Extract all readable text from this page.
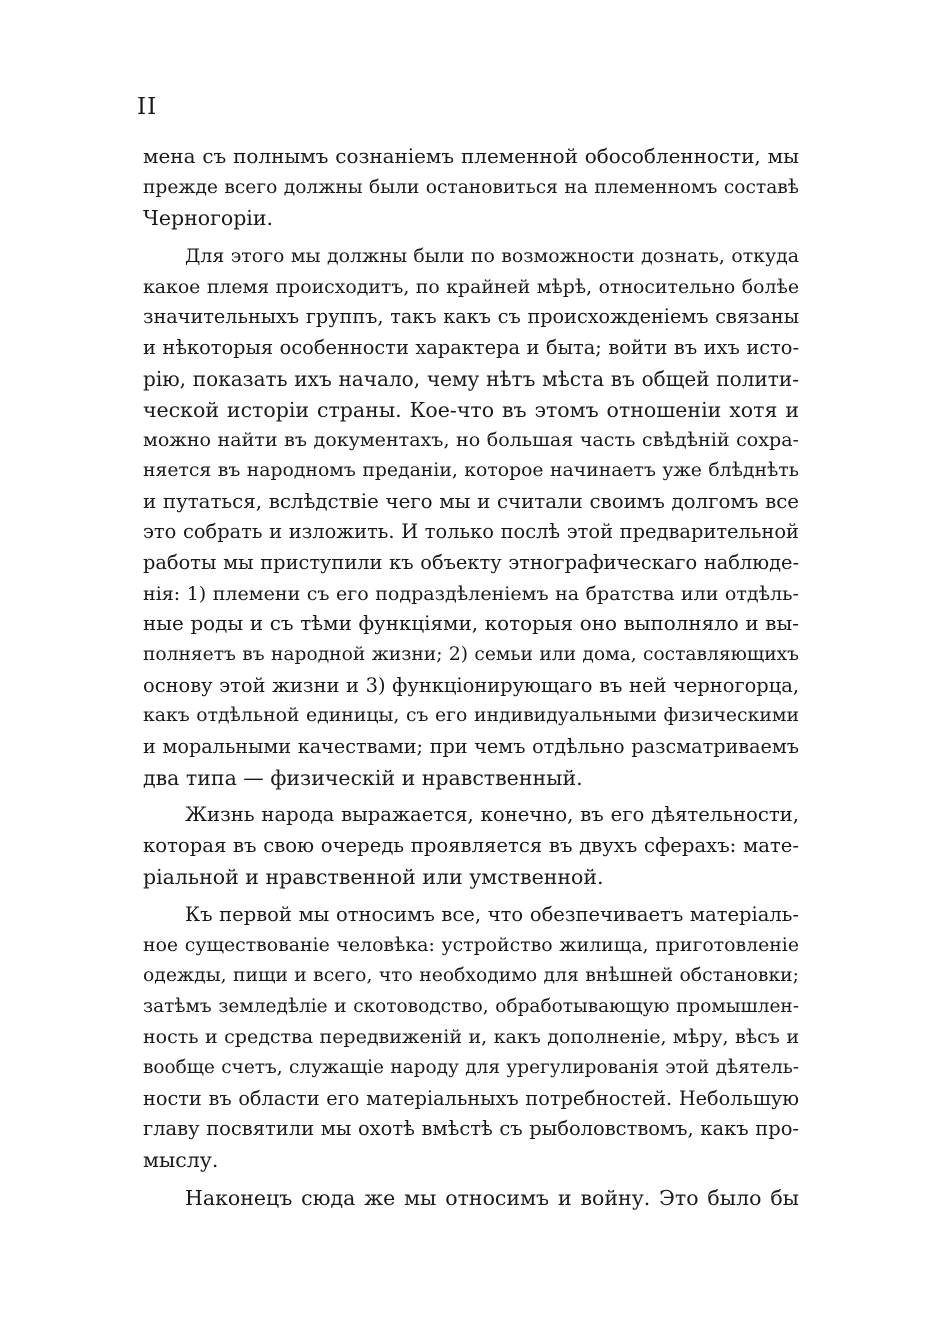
II
мена съ полнымъ сознаніемъ племенной обособленности, мы
прежде всего должны были остановиться на племенномъ составѣ
Черногоріи.
Для этого мы должны были по возможности дознать, откуда
какое племя происходитъ, по крайней мѣрѣ, относительно болѣе
значительныхъ группъ, такъ какъ съ происхожденіемъ связаны
и нѣкоторыя особенности характера и быта; войти въ ихъ исто-
рію, показать ихъ начало, чему нѣтъ мѣста въ общей полити-
ческой исторіи страны. Кое-что въ этомъ отношеніи хотя и
можно найти въ документахъ, но большая часть свѣдѣній сохра-
няется въ народномъ преданіи, которое начинаетъ уже блѣднѣть
и путаться, вслѣдствіе чего мы и считали своимъ долгомъ все
это собрать и изложить. И только послѣ этой предварительной
работы мы приступили къ объекту этнографическаго наблюде-
нія: 1) племени съ его подраздѣленіемъ на братства или отдѣль-
ные роды и съ тѣми функціями, которыя оно выполняло и вы-
полняетъ въ народной жизни; 2) семьи или дома, составляющихъ
основу этой жизни и 3) функціонирующаго въ ней черногорца,
какъ отдѣльной единицы, съ его индивидуальными физическими
и моральными качествами; при чемъ отдѣльно разсматриваемъ
два типа — физическій и нравственный.
Жизнь народа выражается, конечно, въ его дѣятельности,
которая въ свою очередь проявляется въ двухъ сферахъ: мате-
ріальной и нравственной или умственной.
Къ первой мы относимъ все, что обезпечиваетъ матеріаль-
ное существованіе человѣка: устройство жилища, приготовленіе
одежды, пищи и всего, что необходимо для внѣшней обстановки;
затѣмъ земледѣліе и скотоводство, обработывающую промышлен-
ность и средства передвиженій и, какъ дополненіе, мѣру, вѣсъ и
вообще счетъ, служащіе народу для урегулированія этой дѣятель-
ности въ области его матеріальныхъ потребностей. Небольшую
главу посвятили мы охотѣ вмѣстѣ съ рыболовствомъ, какъ про-
мыслу.
Наконецъ сюда же мы относимъ и войну. Это было бы
